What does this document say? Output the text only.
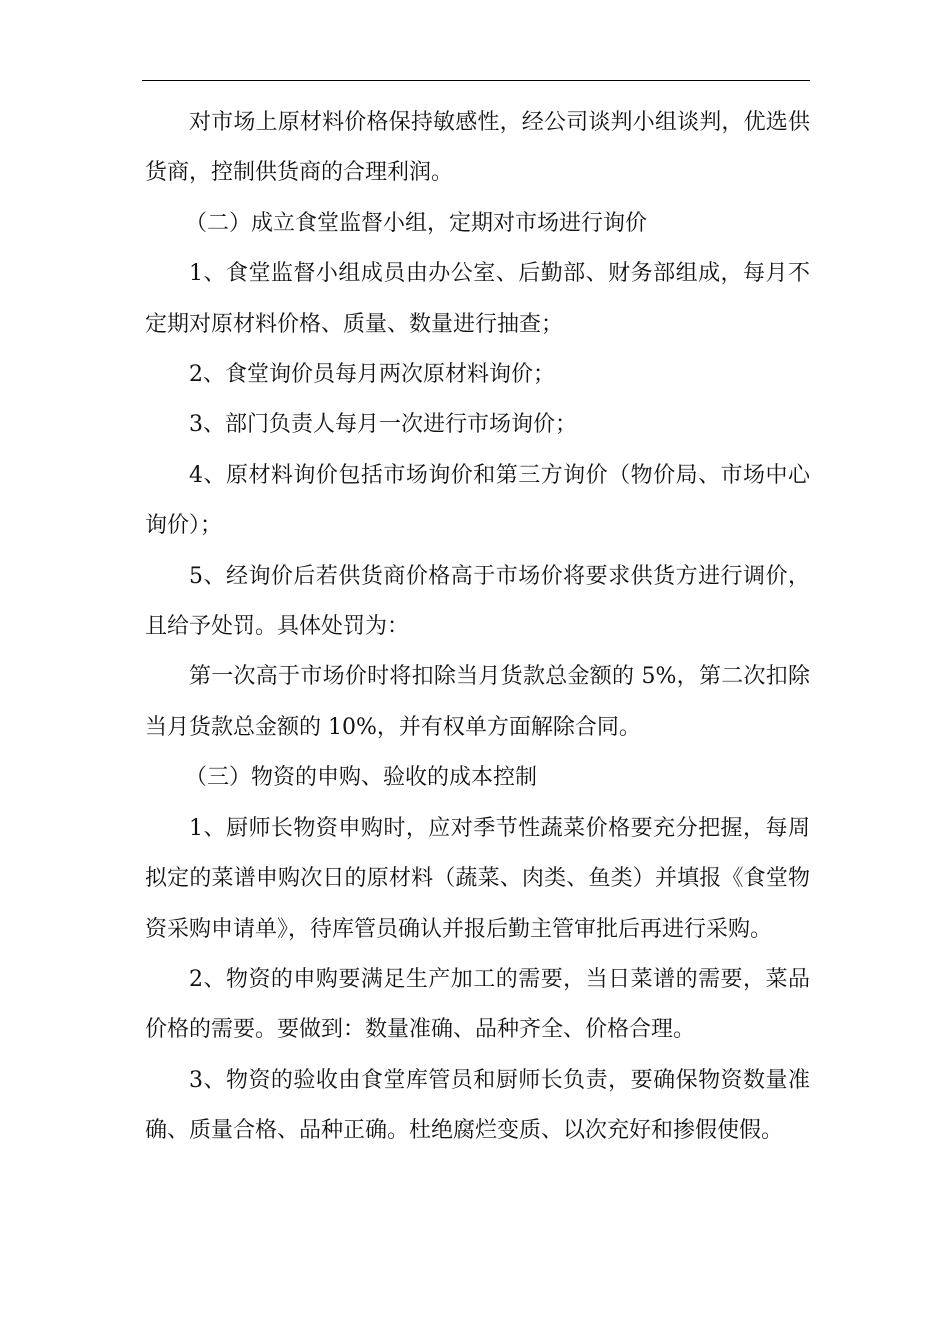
对市场上原材料价格保持敏感性，经公司谈判小组谈判，优选供货商，控制供货商的合理利润。

（二）成立食堂监督小组，定期对市场进行询价

1、食堂监督小组成员由办公室、后勤部、财务部组成，每月不定期对原材料价格、质量、数量进行抽查；

2、食堂询价员每月两次原材料询价；

3、部门负责人每月一次进行市场询价；

4、原材料询价包括市场询价和第三方询价（物价局、市场中心询价）；

5、经询价后若供货商价格高于市场价将要求供货方进行调价，且给予处罚。具体处罚为：

第一次高于市场价时将扣除当月货款总金额的 5%，第二次扣除当月货款总金额的 10%，并有权单方面解除合同。

（三）物资的申购、验收的成本控制

1、厨师长物资申购时，应对季节性蔬菜价格要充分把握，每周拟定的菜谱申购次日的原材料（蔬菜、肉类、鱼类）并填报《食堂物资采购申请单》，待库管员确认并报后勤主管审批后再进行采购。

2、物资的申购要满足生产加工的需要，当日菜谱的需要，菜品价格的需要。要做到：数量准确、品种齐全、价格合理。

3、物资的验收由食堂库管员和厨师长负责，要确保物资数量准确、质量合格、品种正确。杜绝腐烂变质、以次充好和掺假使假。
